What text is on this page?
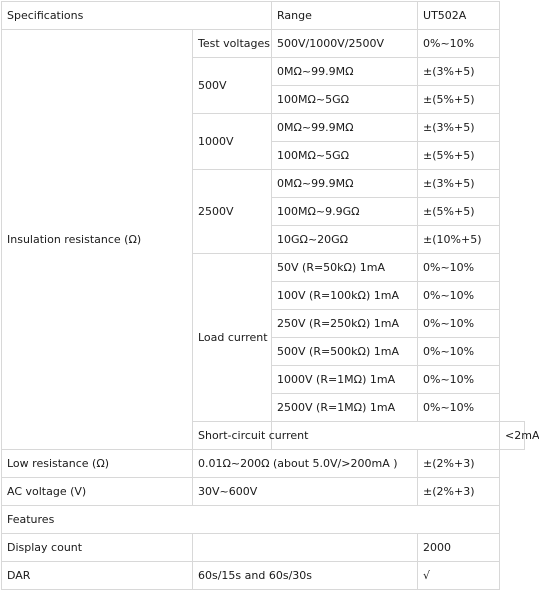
Specifications		Range	UT502A	
Insulation resistance (Ω)	Test voltages	500V/1000V/2500V	0%~10%	
	500V	0MΩ~99.9MΩ	±(3%+5)	
		100MΩ~5GΩ	±(5%+5)	
	1000V	0MΩ~99.9MΩ	±(3%+5)	
		100MΩ~5GΩ	±(5%+5)	
	2500V	0MΩ~99.9MΩ	±(3%+5)	
		100MΩ~9.9GΩ	±(5%+5)	
		10GΩ~20GΩ	±(10%+5)	
	Load current	50V (R=50kΩ) 1mA	0%~10%	
		100V (R=100kΩ) 1mA	0%~10%	
		250V (R=250kΩ) 1mA	0%~10%	
		500V (R=500kΩ) 1mA	0%~10%	
		1000V (R=1MΩ) 1mA	0%~10%	
		2500V (R=1MΩ) 1mA	0%~10%	
	Short-circuit current			<2mA
Low resistance (Ω)	0.01Ω~200Ω (about 5.0V/>200mA )		±(2%+3)	
AC voltage (V)	30V~600V		±(2%+3)	
Features				
Display count			2000	
DAR	60s/15s and 60s/30s		√	
